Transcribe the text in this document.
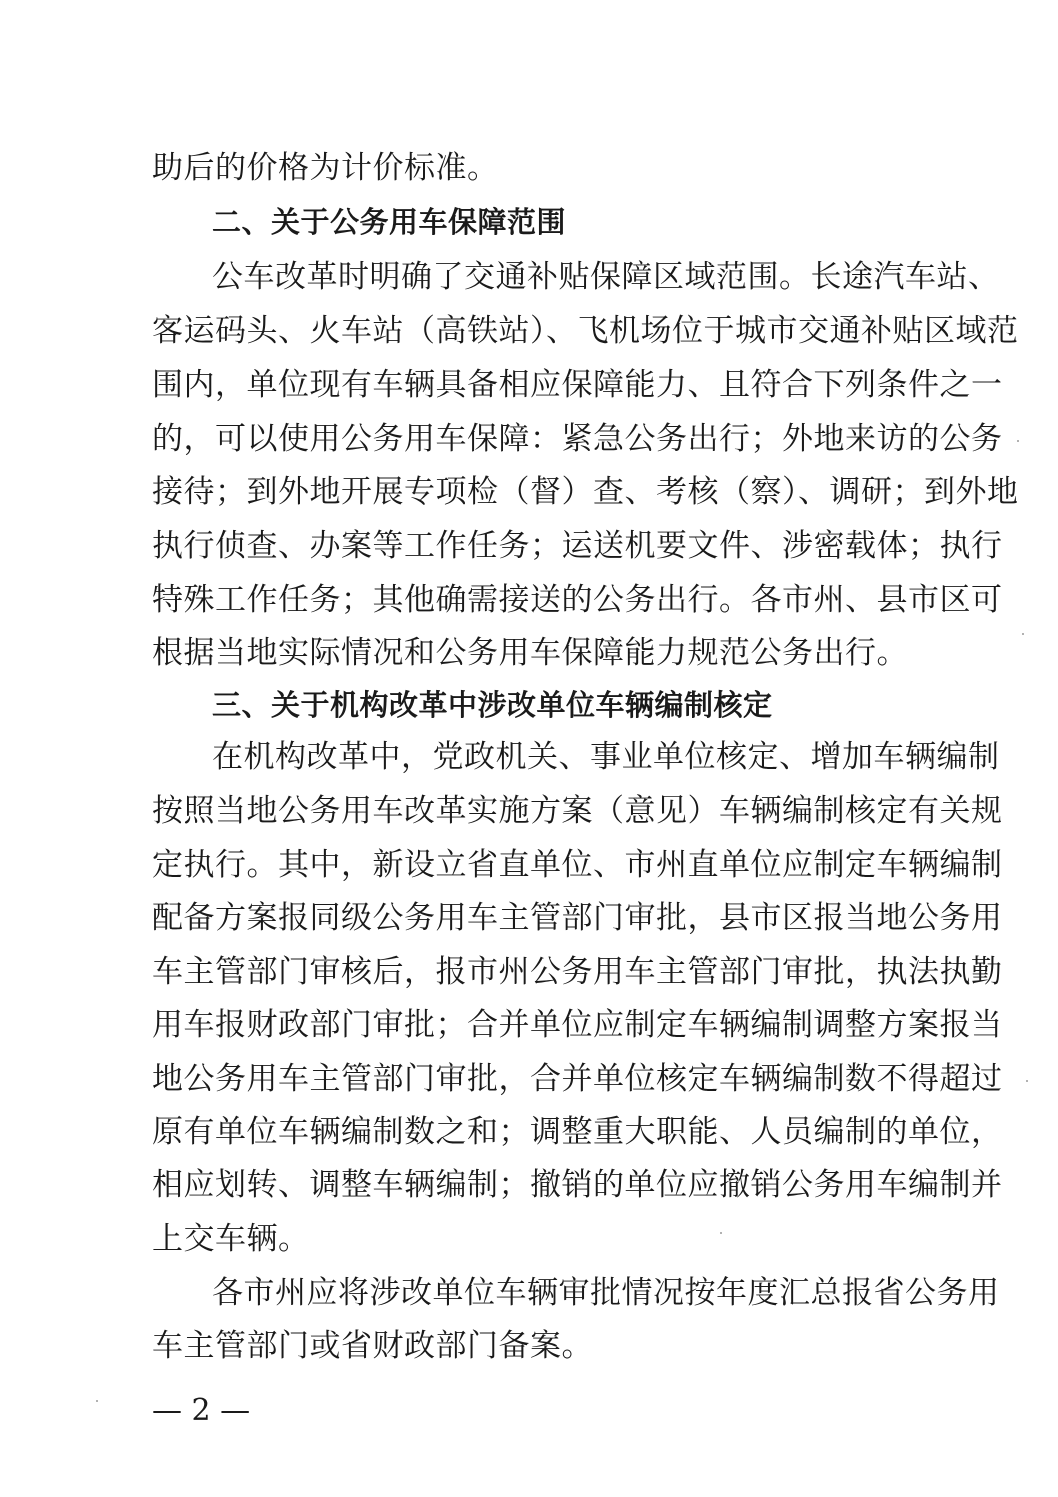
助后的价格为计价标准。
二、关于公务用车保障范围
公车改革时明确了交通补贴保障区域范围。长途汽车站、
客运码头、火车站（高铁站）、飞机场位于城市交通补贴区域范
围内，单位现有车辆具备相应保障能力、且符合下列条件之一
的，可以使用公务用车保障：紧急公务出行；外地来访的公务
接待；到外地开展专项检（督）查、考核（察）、调研；到外地
执行侦查、办案等工作任务；运送机要文件、涉密载体；执行
特殊工作任务；其他确需接送的公务出行。各市州、县市区可
根据当地实际情况和公务用车保障能力规范公务出行。
三、关于机构改革中涉改单位车辆编制核定
在机构改革中，党政机关、事业单位核定、增加车辆编制
按照当地公务用车改革实施方案（意见）车辆编制核定有关规
定执行。其中，新设立省直单位、市州直单位应制定车辆编制
配备方案报同级公务用车主管部门审批，县市区报当地公务用
车主管部门审核后，报市州公务用车主管部门审批，执法执勤
用车报财政部门审批；合并单位应制定车辆编制调整方案报当
地公务用车主管部门审批，合并单位核定车辆编制数不得超过
原有单位车辆编制数之和；调整重大职能、人员编制的单位，
相应划转、调整车辆编制；撤销的单位应撤销公务用车编制并
上交车辆。
各市州应将涉改单位车辆审批情况按年度汇总报省公务用
车主管部门或省财政部门备案。
— 2 —
